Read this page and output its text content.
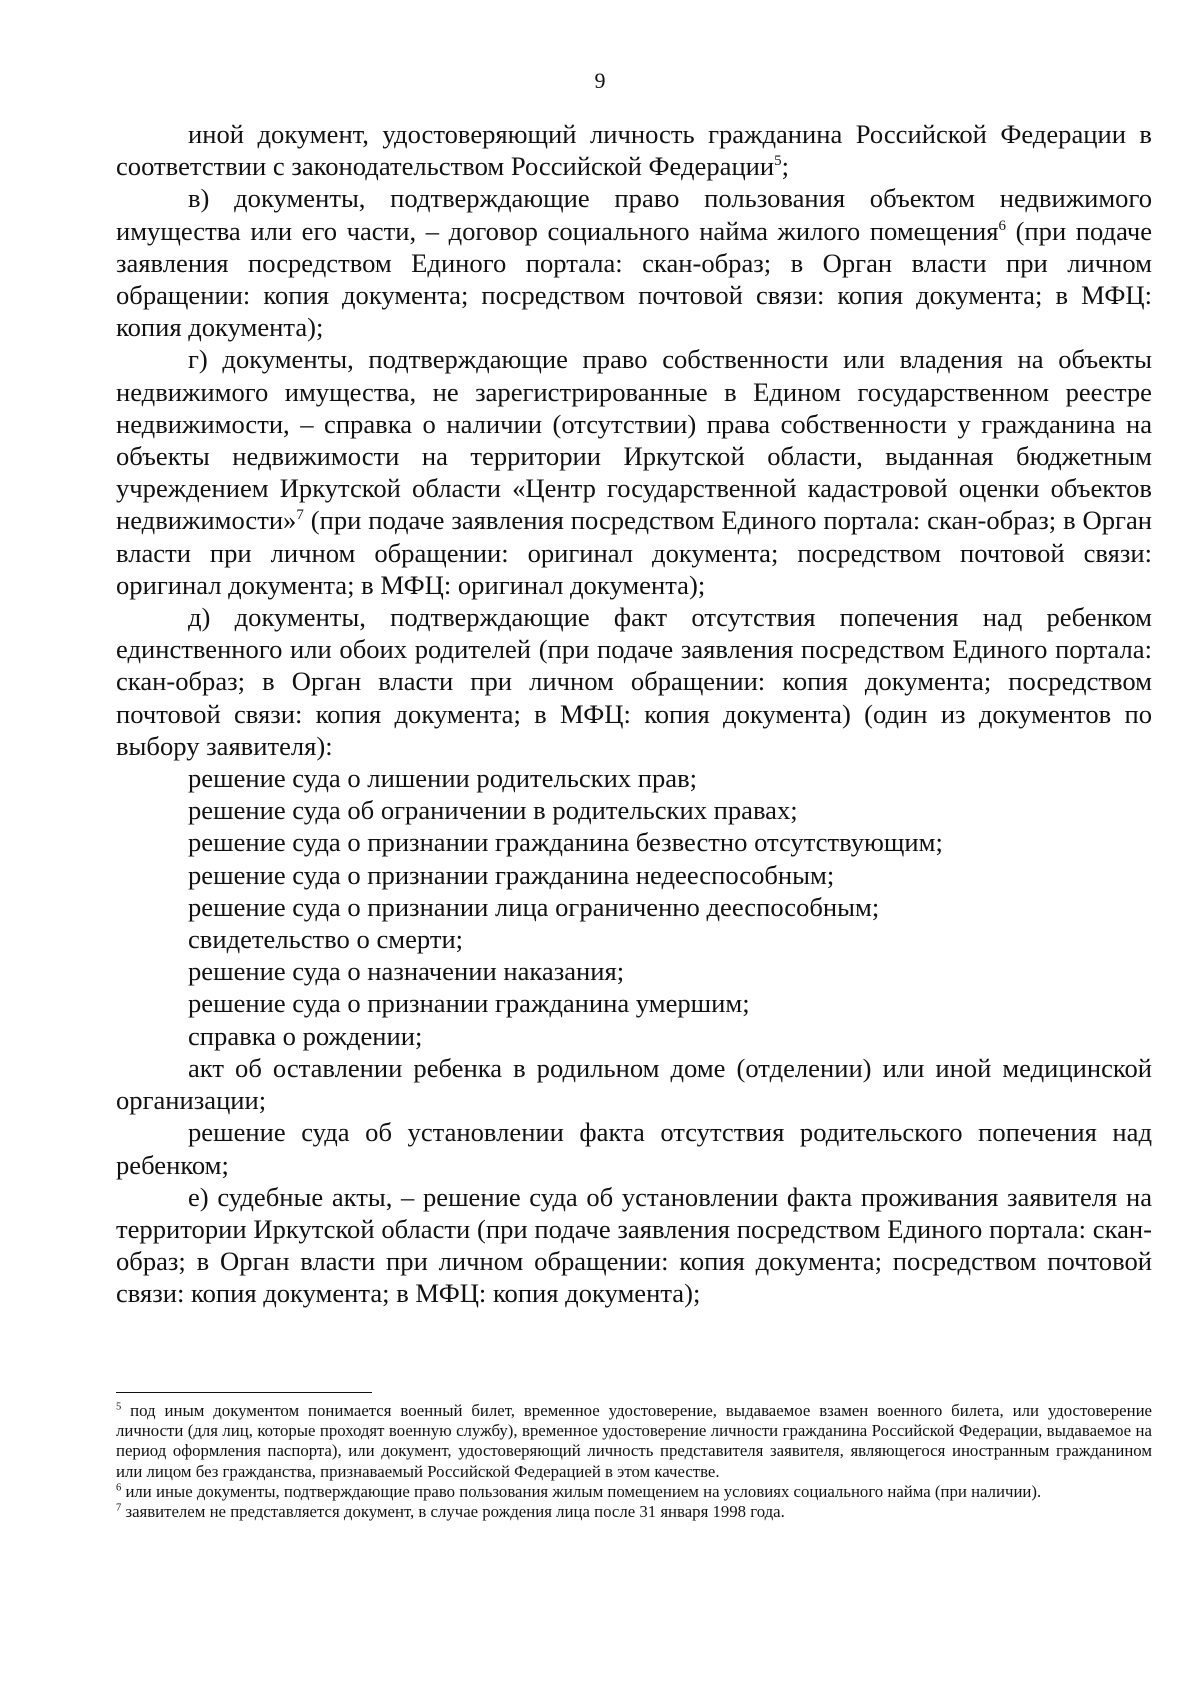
9

иной документ, удостоверяющий личность гражданина Российской Федерации в соответствии с законодательством Российской Федерации$^5$;

в) документы, подтверждающие право пользования объектом недвижимого имущества или его части, – договор социального найма жилого помещения$^6$ (при подаче заявления посредством Единого портала: скан-образ; в Орган власти при личном обращении: копия документа; посредством почтовой связи: копия документа; в МФЦ: копия документа);

г) документы, подтверждающие право собственности или владения на объекты недвижимого имущества, не зарегистрированные в Едином государственном реестре недвижимости, – справка о наличии (отсутствии) права собственности у гражданина на объекты недвижимости на территории Иркутской области, выданная бюджетным учреждением Иркутской области «Центр государственной кадастровой оценки объектов недвижимости»$^7$ (при подаче заявления посредством Единого портала: скан-образ; в Орган власти при личном обращении: оригинал документа; посредством почтовой связи: оригинал документа; в МФЦ: оригинал документа);

д) документы, подтверждающие факт отсутствия попечения над ребенком единственного или обоих родителей (при подаче заявления посредством Единого портала: скан-образ; в Орган власти при личном обращении: копия документа; посредством почтовой связи: копия документа; в МФЦ: копия документа) (один из документов по выбору заявителя):

решение суда о лишении родительских прав;

решение суда об ограничении в родительских правах;

решение суда о признании гражданина безвестно отсутствующим;

решение суда о признании гражданина недееспособным;

решение суда о признании лица ограниченно дееспособным;

свидетельство о смерти;

решение суда о назначении наказания;

решение суда о признании гражданина умершим;

справка о рождении;

акт об оставлении ребенка в родильном доме (отделении) или иной медицинской организации;

решение суда об установлении факта отсутствия родительского попечения над ребенком;

е) судебные акты, – решение суда об установлении факта проживания заявителя на территории Иркутской области (при подаче заявления посредством Единого портала: скан-образ; в Орган власти при личном обращении: копия документа; посредством почтовой связи: копия документа; в МФЦ: копия документа);

$^5$ под иным документом понимается военный билет, временное удостоверение, выдаваемое взамен военного билета, или удостоверение личности (для лиц, которые проходят военную службу), временное удостоверение личности гражданина Российской Федерации, выдаваемое на период оформления паспорта), или документ, удостоверяющий личность представителя заявителя, являющегося иностранным гражданином или лицом без гражданства, признаваемый Российской Федерацией в этом качестве.

$^6$ или иные документы, подтверждающие право пользования жилым помещением на условиях социального найма (при наличии).

$^7$ заявителем не представляется документ, в случае рождения лица после 31 января 1998 года.
